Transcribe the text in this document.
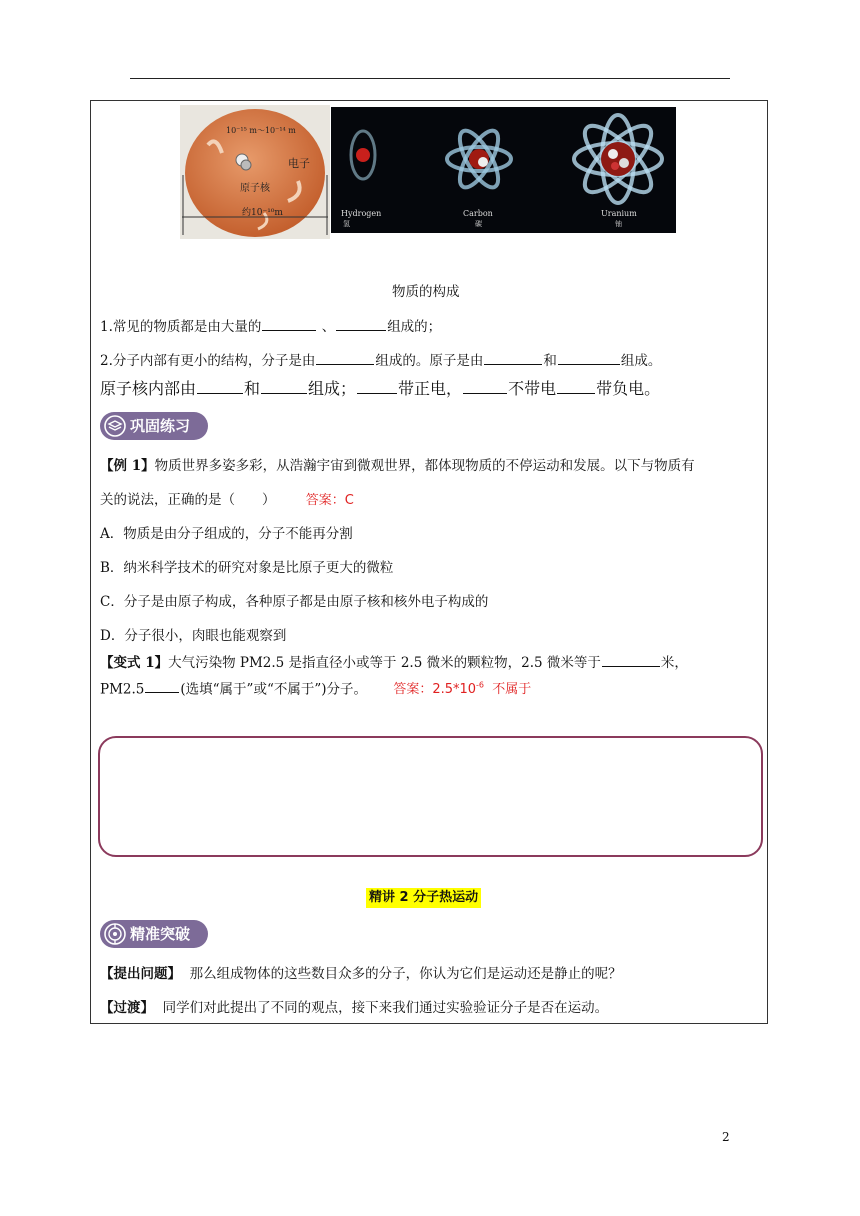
10⁻¹⁵ m～10⁻¹⁴ m
电子
原子核
约10⁻¹⁰m	Hydrogen
氢
Carbon
碳
Uranium
铀
物质的构成
1.常见的物质都是由大量的	、	组成的；
2.分子内部有更小的结构，分子是由	组成的。原子是由	和	组成。
原子核内部由	和	组成；	带正电，	不带电	带负电。
巩固练习
【例 1】物质世界多姿多彩，从浩瀚宇宙到微观世界，都体现物质的不停运动和发展。以下与物质有
关的说法，正确的是（　　） 答案：C
A．物质是由分子组成的，分子不能再分割
B．纳米科学技术的研究对象是比原子更大的微粒
C．分子是由原子构成，各种原子都是由原子核和核外电子构成的
D．分子很小，肉眼也能观察到
【变式 1】大气污染物 PM2.5 是指直径小或等于 2.5 微米的颗粒物，2.5 微米等于	米，
PM2.5	(选填“属于”或“不属于”)分子。 答案：$2.5*10^{-6}$ 不属于
精讲 2 分子热运动
精准突破
【提出问题】 那么组成物体的这些数目众多的分子，你认为它们是运动还是静止的呢？
【过渡】 同学们对此提出了不同的观点，接下来我们通过实验验证分子是否在运动。
2
